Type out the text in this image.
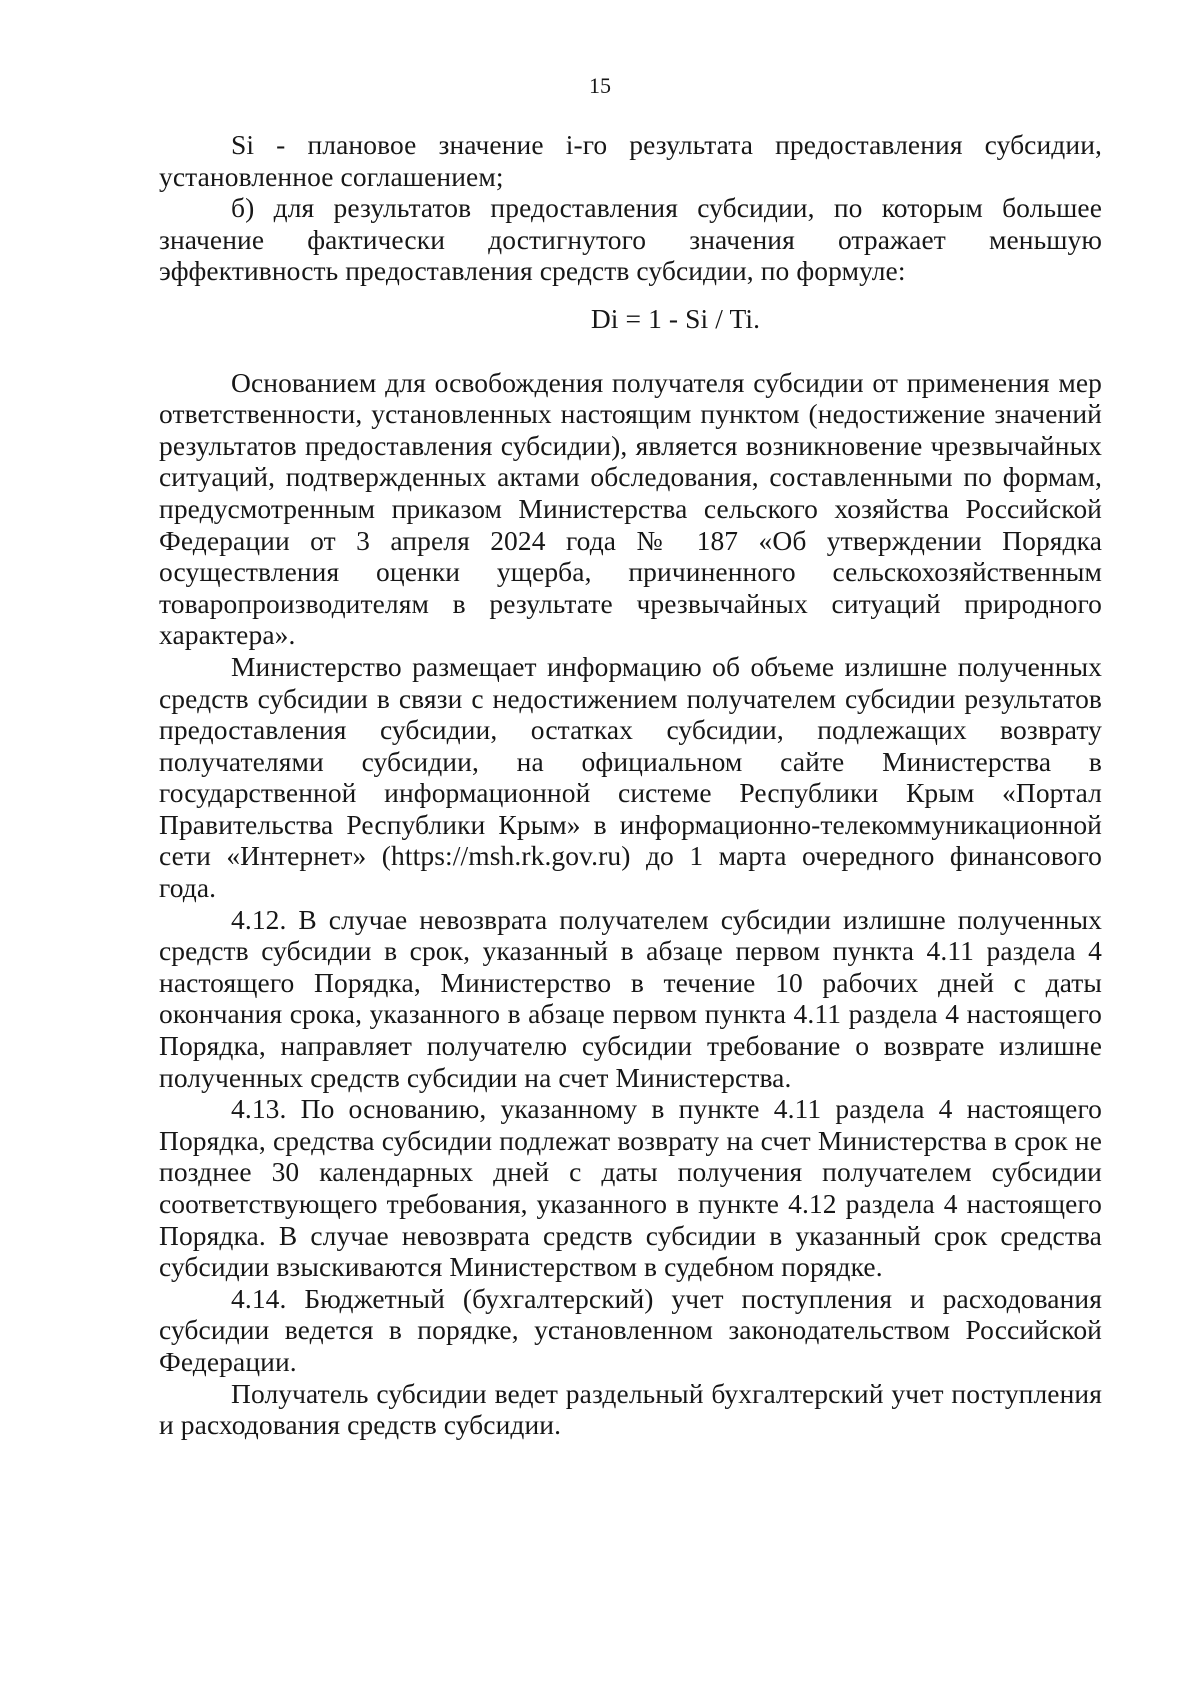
15

Si - плановое значение i-го результата предоставления субсидии, установленное соглашением;

б) для результатов предоставления субсидии, по которым большее значение фактически достигнутого значения отражает меньшую эффективность предоставления средств субсидии, по формуле:

Di = 1 - Si / Ti.

Основанием для освобождения получателя субсидии от применения мер ответственности, установленных настоящим пунктом (недостижение значений результатов предоставления субсидии), является возникновение чрезвычайных ситуаций, подтвержденных актами обследования, составленными по формам, предусмотренным приказом Министерства сельского хозяйства Российской Федерации от 3 апреля 2024 года № 187 «Об утверждении Порядка осуществления оценки ущерба, причиненного сельскохозяйственным товаропроизводителям в результате чрезвычайных ситуаций природного характера».

Министерство размещает информацию об объеме излишне полученных средств субсидии в связи с недостижением получателем субсидии результатов предоставления субсидии, остатках субсидии, подлежащих возврату получателями субсидии, на официальном сайте Министерства в государственной информационной системе Республики Крым «Портал Правительства Республики Крым» в информационно-телекоммуникационной сети «Интернет» (https://msh.rk.gov.ru) до 1 марта очередного финансового года.

4.12. В случае невозврата получателем субсидии излишне полученных средств субсидии в срок, указанный в абзаце первом пункта 4.11 раздела 4 настоящего Порядка, Министерство в течение 10 рабочих дней с даты окончания срока, указанного в абзаце первом пункта 4.11 раздела 4 настоящего Порядка, направляет получателю субсидии требование о возврате излишне полученных средств субсидии на счет Министерства.

4.13. По основанию, указанному в пункте 4.11 раздела 4 настоящего Порядка, средства субсидии подлежат возврату на счет Министерства в срок не позднее 30 календарных дней с даты получения получателем субсидии соответствующего требования, указанного в пункте 4.12 раздела 4 настоящего Порядка. В случае невозврата средств субсидии в указанный срок средства субсидии взыскиваются Министерством в судебном порядке.

4.14. Бюджетный (бухгалтерский) учет поступления и расходования субсидии ведется в порядке, установленном законодательством Российской Федерации.

Получатель субсидии ведет раздельный бухгалтерский учет поступления и расходования средств субсидии.
